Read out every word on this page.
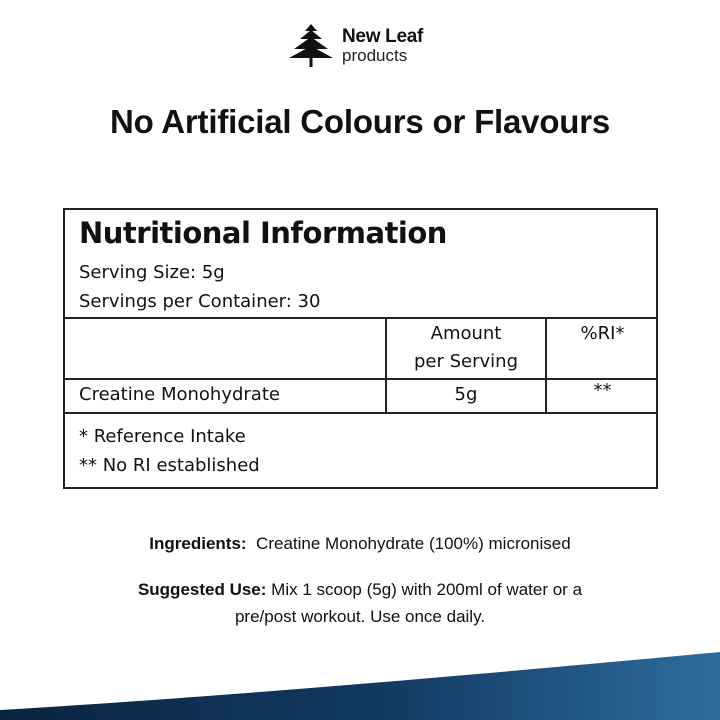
New Leaf
products
No Artificial Colours or Flavours
Nutritional Information
Serving Size: 5g
Servings per Container: 30
Amount
per Serving
%RI*
Creatine Monohydrate	5g	**
* Reference Intake
** No RI established
Ingredients: Creatine Monohydrate (100%) micronised
Suggested Use: Mix 1 scoop (5g) with 200ml of water or a
pre/post workout. Use once daily.
